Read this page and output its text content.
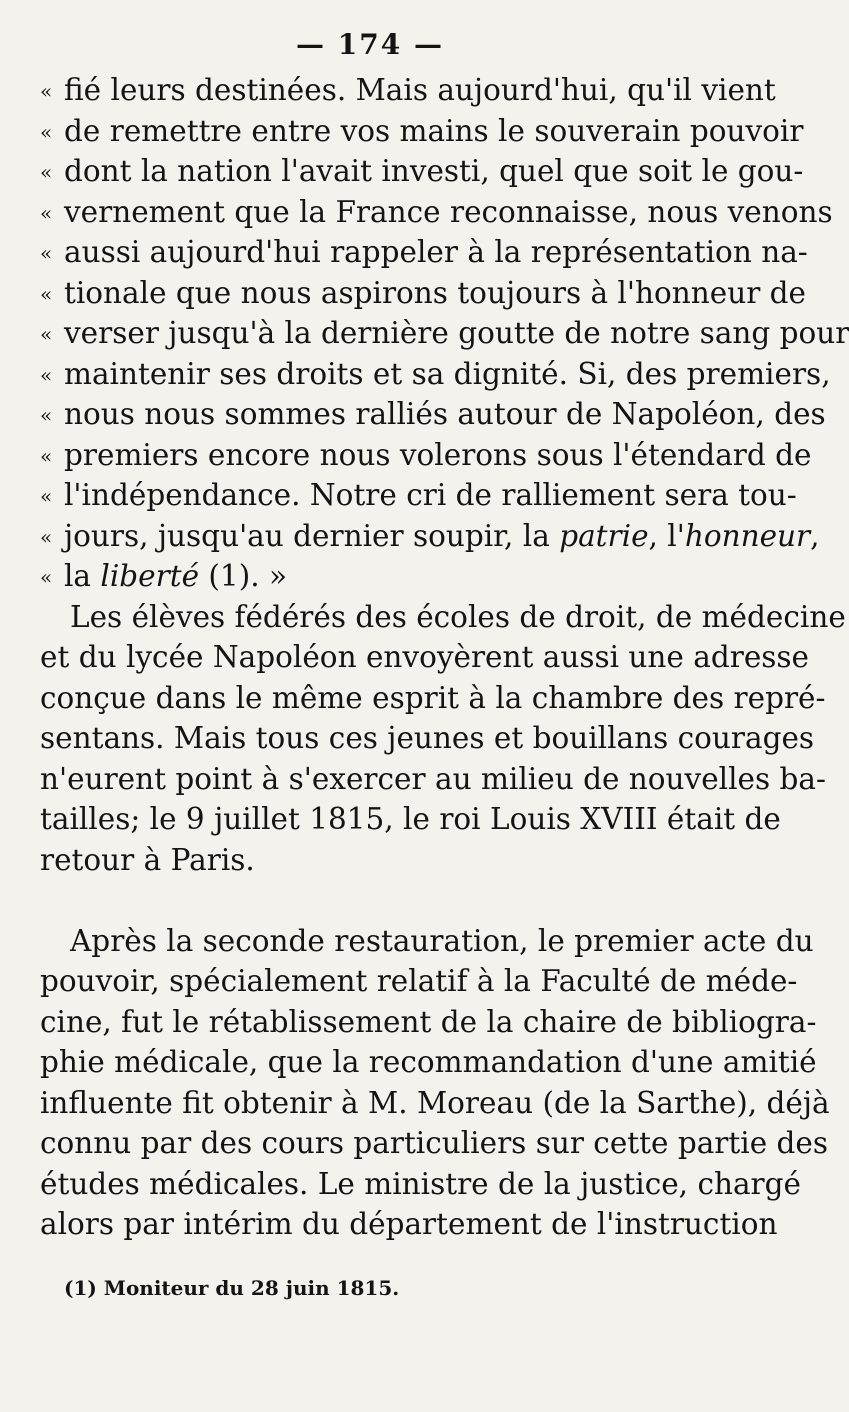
— 174 —
« fié leurs destinées. Mais aujourd'hui, qu'il vient
« de remettre entre vos mains le souverain pouvoir
« dont la nation l'avait investi, quel que soit le gou-
« vernement que la France reconnaisse, nous venons
« aussi aujourd'hui rappeler à la représentation na-
« tionale que nous aspirons toujours à l'honneur de
« verser jusqu'à la dernière goutte de notre sang pour
« maintenir ses droits et sa dignité. Si, des premiers,
« nous nous sommes ralliés autour de Napoléon, des
« premiers encore nous volerons sous l'étendard de
« l'indépendance. Notre cri de ralliement sera tou-
« jours, jusqu'au dernier soupir, la patrie, l'honneur,
« la liberté (1). »
Les élèves fédérés des écoles de droit, de médecine
et du lycée Napoléon envoyèrent aussi une adresse
conçue dans le même esprit à la chambre des repré-
sentans. Mais tous ces jeunes et bouillans courages
n'eurent point à s'exercer au milieu de nouvelles ba-
tailles; le 9 juillet 1815, le roi Louis XVIII était de
retour à Paris.
Après la seconde restauration, le premier acte du
pouvoir, spécialement relatif à la Faculté de méde-
cine, fut le rétablissement de la chaire de bibliogra-
phie médicale, que la recommandation d'une amitié
influente fit obtenir à M. Moreau (de la Sarthe), déjà
connu par des cours particuliers sur cette partie des
études médicales. Le ministre de la justice, chargé
alors par intérim du département de l'instruction
(1) Moniteur du 28 juin 1815.
